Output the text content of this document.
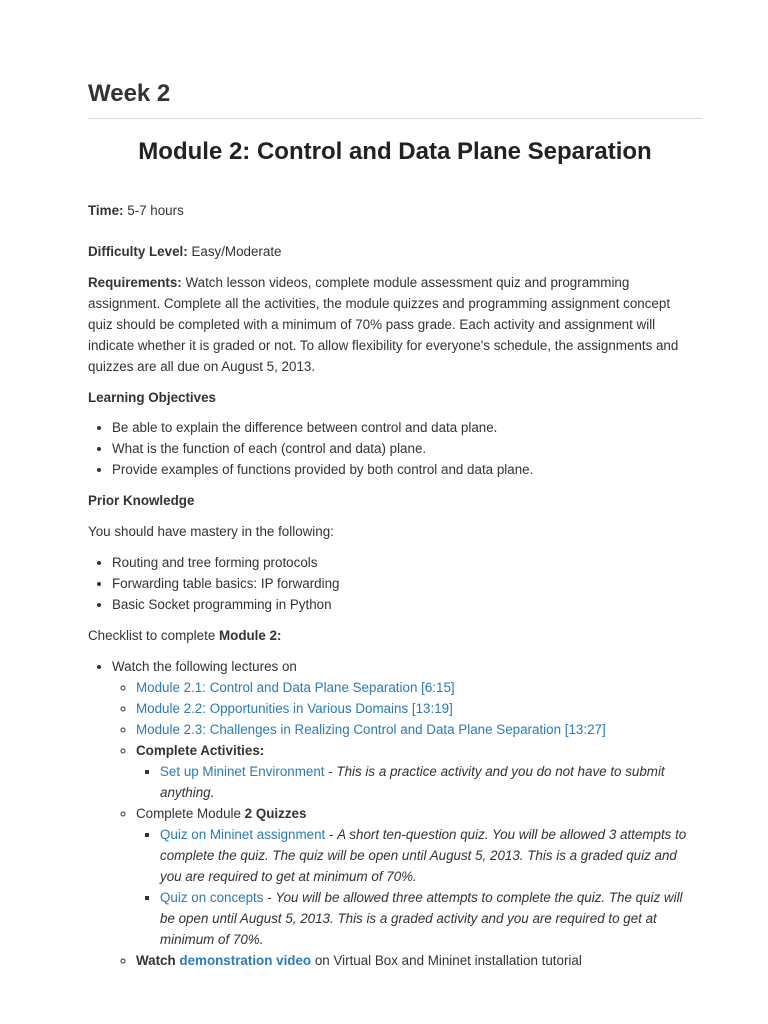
Week 2
Module 2: Control and Data Plane Separation

Time: 5-7 hours

Difficulty Level: Easy/Moderate

Requirements: Watch lesson videos, complete module assessment quiz and programming assignment. Complete all the activities, the module quizzes and programming assignment concept quiz should be completed with a minimum of 70% pass grade. Each activity and assignment will indicate whether it is graded or not. To allow flexibility for everyone's schedule, the assignments and quizzes are all due on August 5, 2013.

Learning Objectives

• Be able to explain the difference between control and data plane.
• What is the function of each (control and data) plane.
• Provide examples of functions provided by both control and data plane.

Prior Knowledge

You should have mastery in the following:

• Routing and tree forming protocols
• Forwarding table basics: IP forwarding
• Basic Socket programming in Python

Checklist to complete Module 2:

• Watch the following lectures on
◦ Module 2.1: Control and Data Plane Separation [6:15]
◦ Module 2.2: Opportunities in Various Domains [13:19]
◦ Module 2.3: Challenges in Realizing Control and Data Plane Separation [13:27]
◦ Complete Activities:
▪ Set up Mininet Environment - This is a practice activity and you do not have to submit anything.
◦ Complete Module 2 Quizzes
▪ Quiz on Mininet assignment - A short ten-question quiz. You will be allowed 3 attempts to complete the quiz. The quiz will be open until August 5, 2013. This is a graded quiz and you are required to get at minimum of 70%.
▪ Quiz on concepts - You will be allowed three attempts to complete the quiz. The quiz will be open until August 5, 2013. This is a graded activity and you are required to get at minimum of 70%.
◦ Watch demonstration video on Virtual Box and Mininet installation tutorial
